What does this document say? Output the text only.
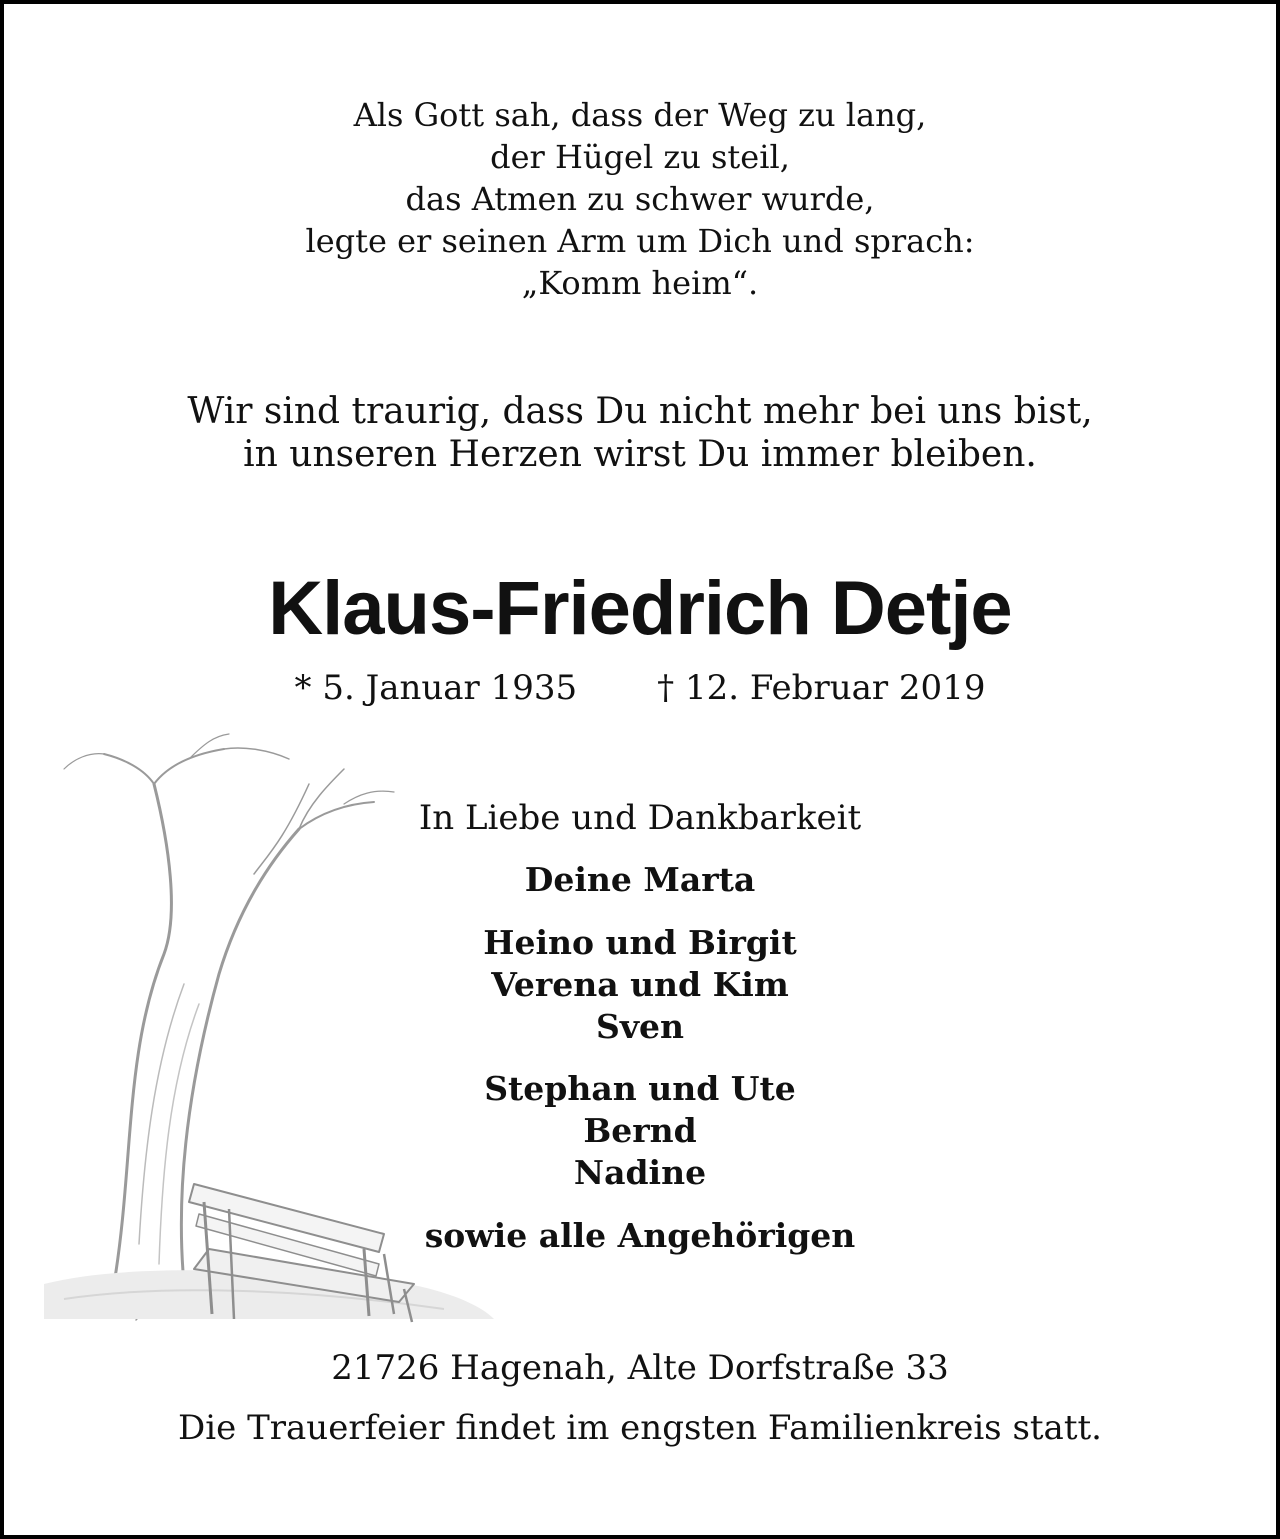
Als Gott sah, dass der Weg zu lang,
der Hügel zu steil,
das Atmen zu schwer wurde,
legte er seinen Arm um Dich und sprach:
„Komm heim“.
Wir sind traurig, dass Du nicht mehr bei uns bist,
in unseren Herzen wirst Du immer bleiben.
Klaus-Friedrich Detje
* 5. Januar 1935 † 12. Februar 2019
In Liebe und Dankbarkeit
Deine Marta
Heino und Birgit
Verena und Kim
Sven
Stephan und Ute
Bernd
Nadine
sowie alle Angehörigen
21726 Hagenah, Alte Dorfstraße 33
Die Trauerfeier findet im engsten Familienkreis statt.
